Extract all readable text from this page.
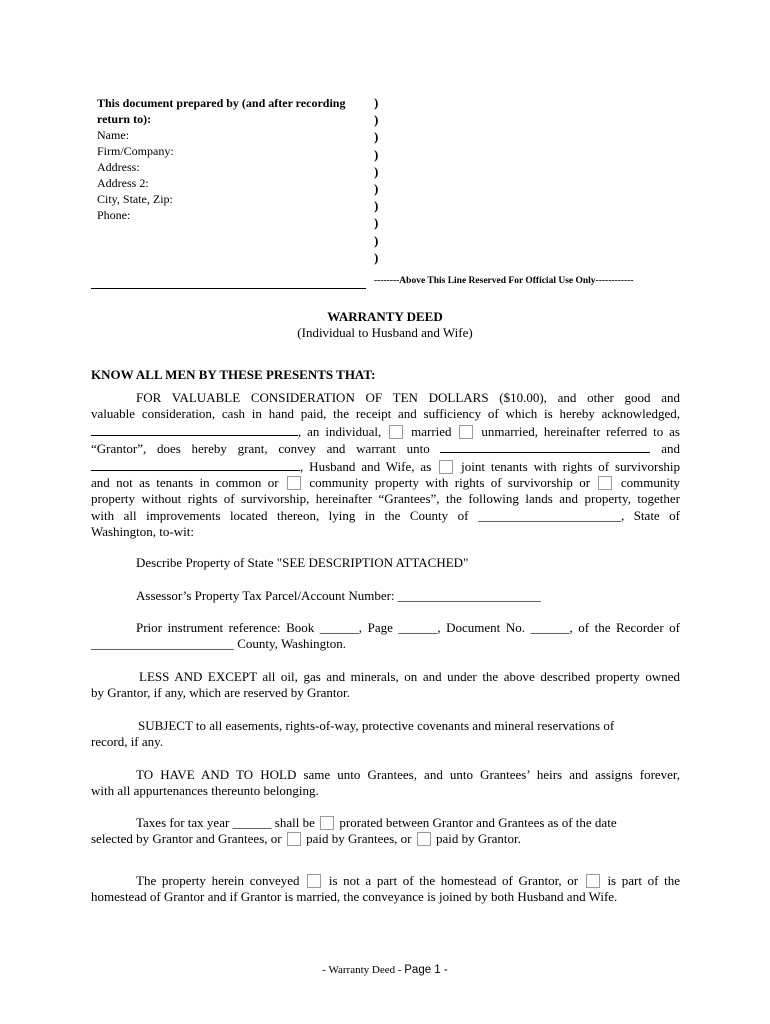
This document prepared by (and after recording
return to):
Name:
Firm/Company:
Address:
Address 2:
City, State, Zip:
Phone:
)
)
)
)
)
)
)
)
)
)
--------Above This Line Reserved For Official Use Only------------
WARRANTY DEED
(Individual to Husband and Wife)
KNOW ALL MEN BY THESE PRESENTS THAT:
FOR VALUABLE CONSIDERATION OF TEN DOLLARS ($10.00), and other good and
valuable consideration, cash in hand paid, the receipt and sufficiency of which is hereby acknowledged,
, an individual, married unmarried, hereinafter referred to as
“Grantor”, does hereby grant, convey and warrant unto	and
, Husband and Wife, as joint tenants with rights of survivorship
and not as tenants in common or community property with rights of survivorship or community
property without rights of survivorship, hereinafter “Grantees”, the following lands and property, together
with all improvements located thereon, lying in the County of ______________________, State of
Washington, to-wit:
Describe Property of State "SEE DESCRIPTION ATTACHED"
Assessor’s Property Tax Parcel/Account Number: ______________________
Prior instrument reference: Book ______, Page ______, Document No. ______, of the Recorder of
______________________ County, Washington.
LESS AND EXCEPT all oil, gas and minerals, on and under the above described property owned
by Grantor, if any, which are reserved by Grantor.
SUBJECT to all easements, rights-of-way, protective covenants and mineral reservations of
record, if any.
TO HAVE AND TO HOLD same unto Grantees, and unto Grantees’ heirs and assigns forever,
with all appurtenances thereunto belonging.
Taxes for tax year ______ shall be prorated between Grantor and Grantees as of the date
selected by Grantor and Grantees, or paid by Grantees, or paid by Grantor.
The property herein conveyed is not a part of the homestead of Grantor, or is part of the
homestead of Grantor and if Grantor is married, the conveyance is joined by both Husband and Wife.
- Warranty Deed - Page 1 -
